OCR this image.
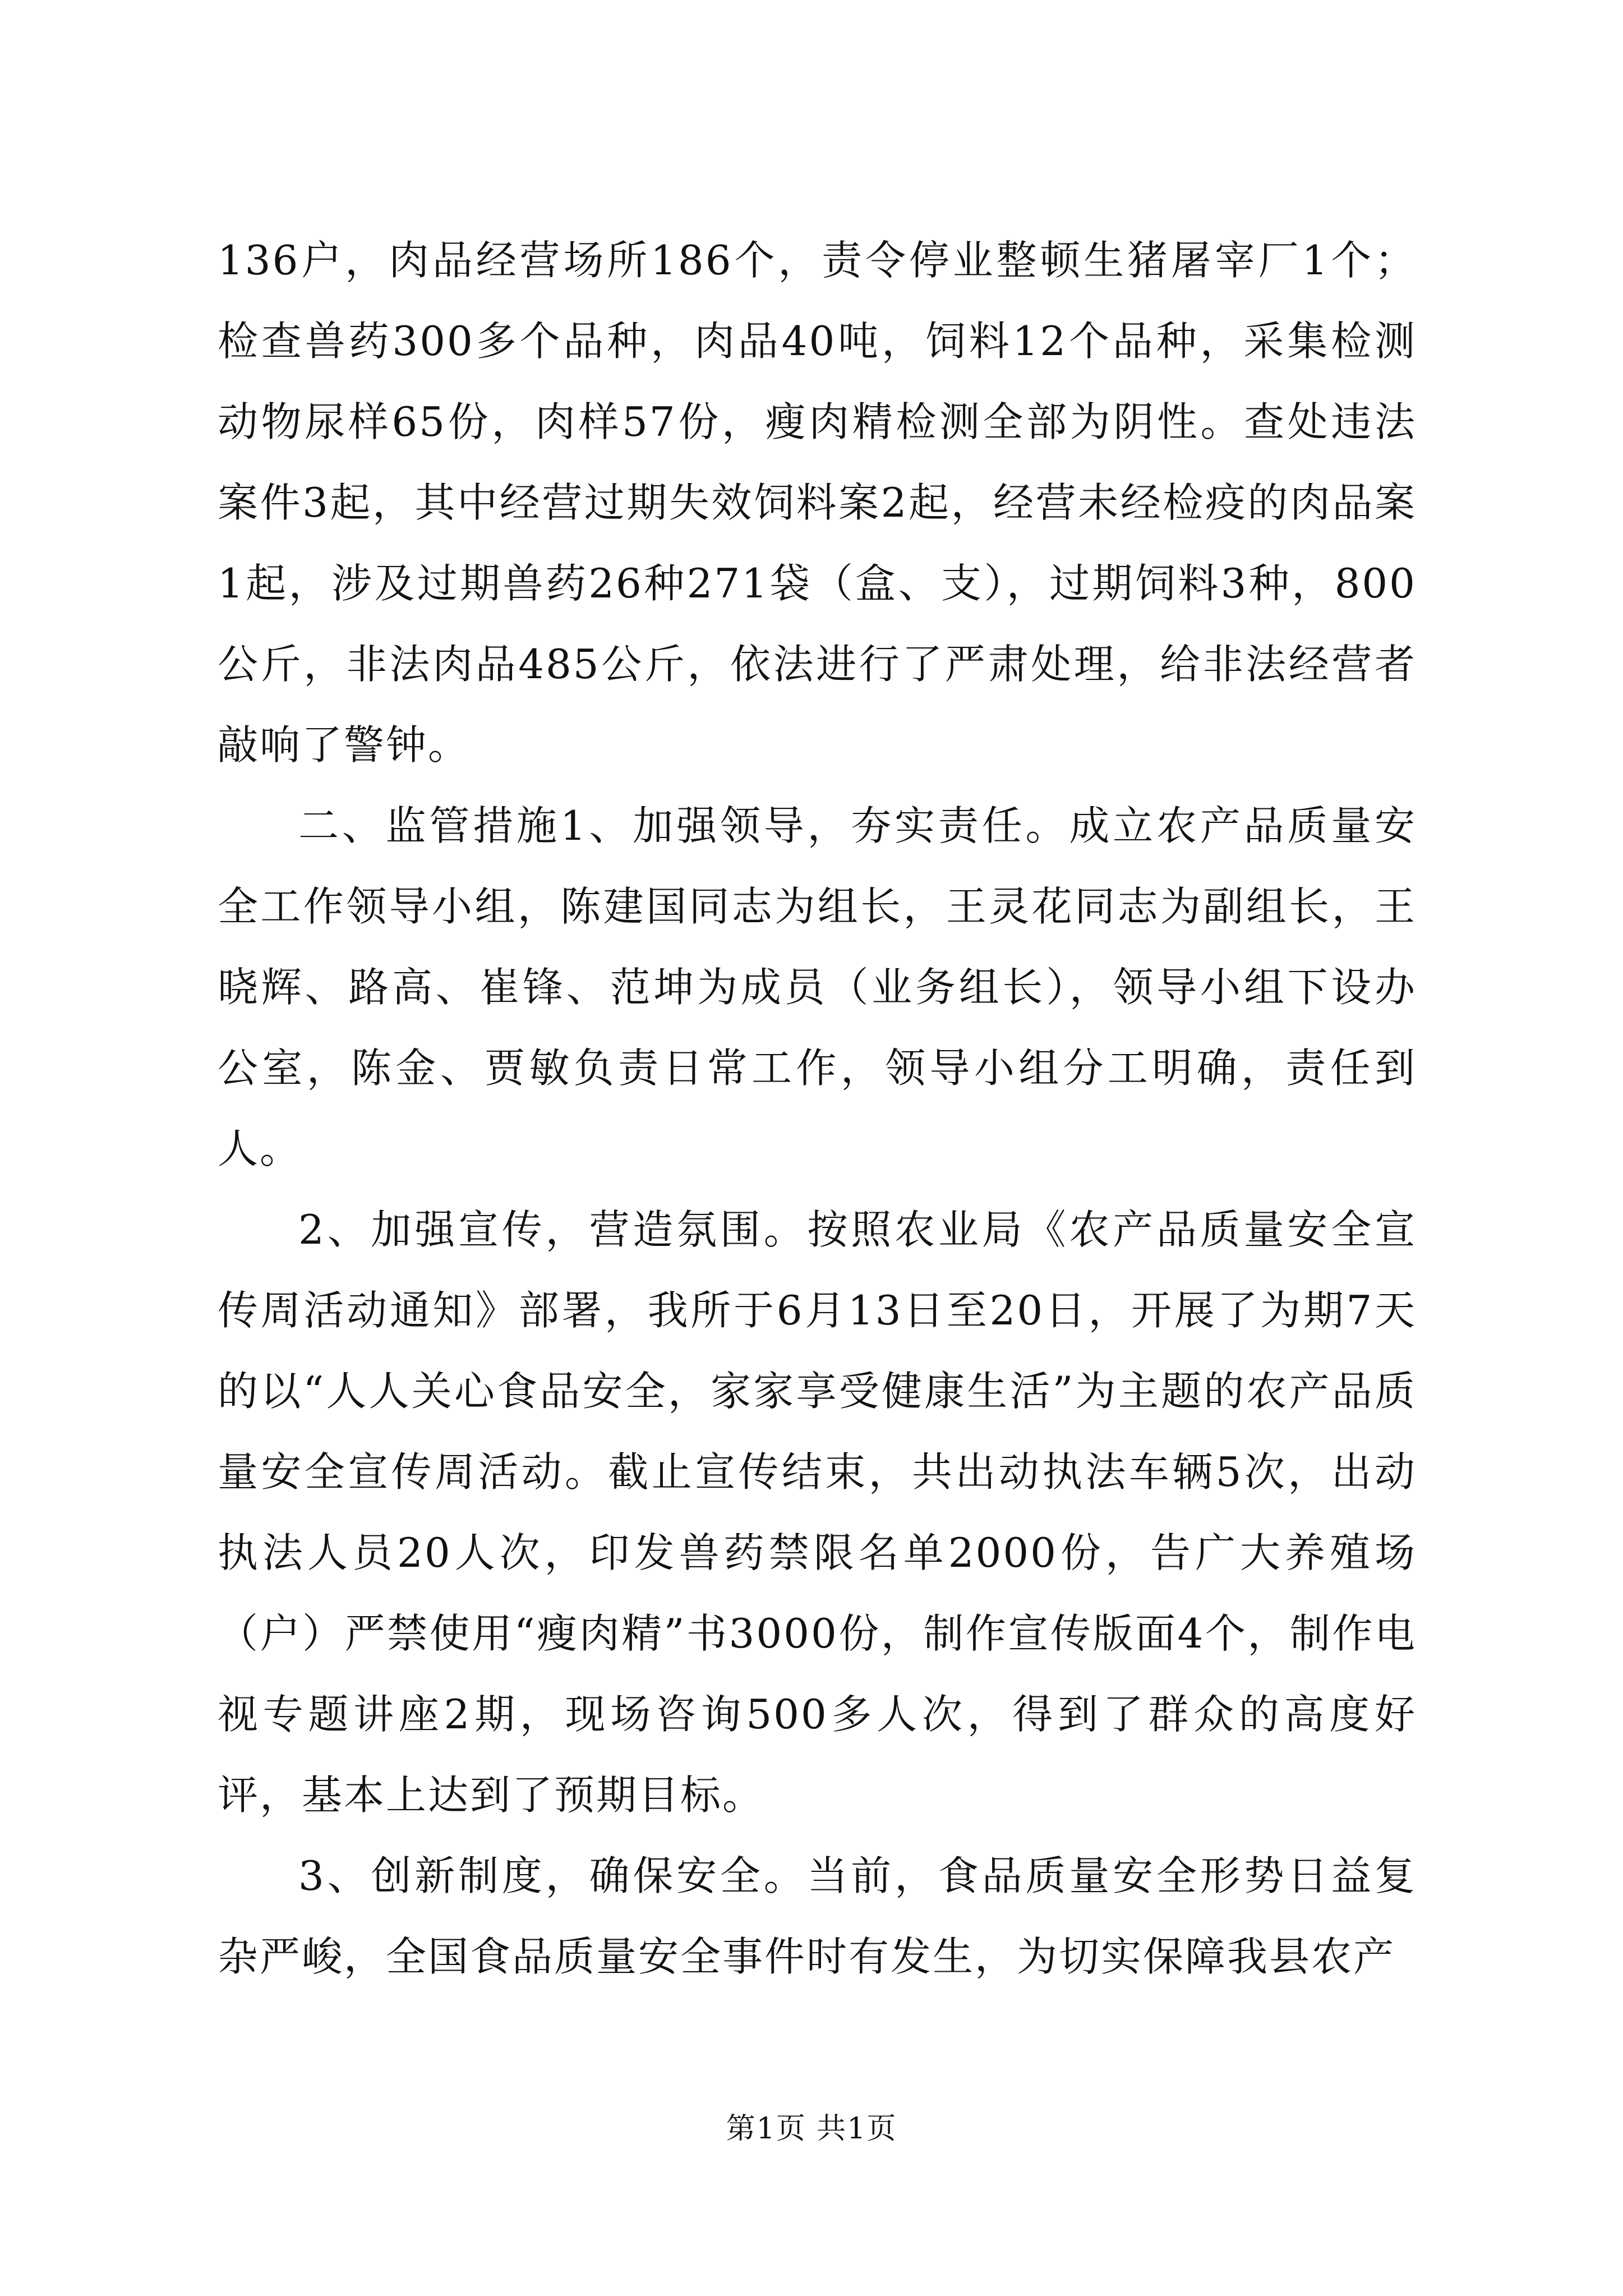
136户，肉品经营场所186个，责令停业整顿生猪屠宰厂1个；检查兽药300多个品种，肉品40吨，饲料12个品种，采集检测动物尿样65份，肉样57份，瘦肉精检测全部为阴性。查处违法案件3起，其中经营过期失效饲料案2起，经营未经检疫的肉品案1起，涉及过期兽药26种271袋（盒、支），过期饲料3种，800公斤，非法肉品485公斤，依法进行了严肃处理，给非法经营者敲响了警钟。

二、监管措施1、加强领导，夯实责任。成立农产品质量安全工作领导小组，陈建国同志为组长，王灵花同志为副组长，王晓辉、路高、崔锋、范坤为成员（业务组长），领导小组下设办公室，陈金、贾敏负责日常工作，领导小组分工明确，责任到人。

2、加强宣传，营造氛围。按照农业局《农产品质量安全宣传周活动通知》部署，我所于6月13日至20日，开展了为期7天的以“人人关心食品安全，家家享受健康生活”为主题的农产品质量安全宣传周活动。截止宣传结束，共出动执法车辆5次，出动执法人员20人次，印发兽药禁限名单2000份，告广大养殖场（户）严禁使用“瘦肉精”书3000份，制作宣传版面4个，制作电视专题讲座2期，现场咨询500多人次，得到了群众的高度好评，基本上达到了预期目标。

3、创新制度，确保安全。当前，食品质量安全形势日益复杂严峻，全国食品质量安全事件时有发生，为切实保障我县农产

第1页 共1页
